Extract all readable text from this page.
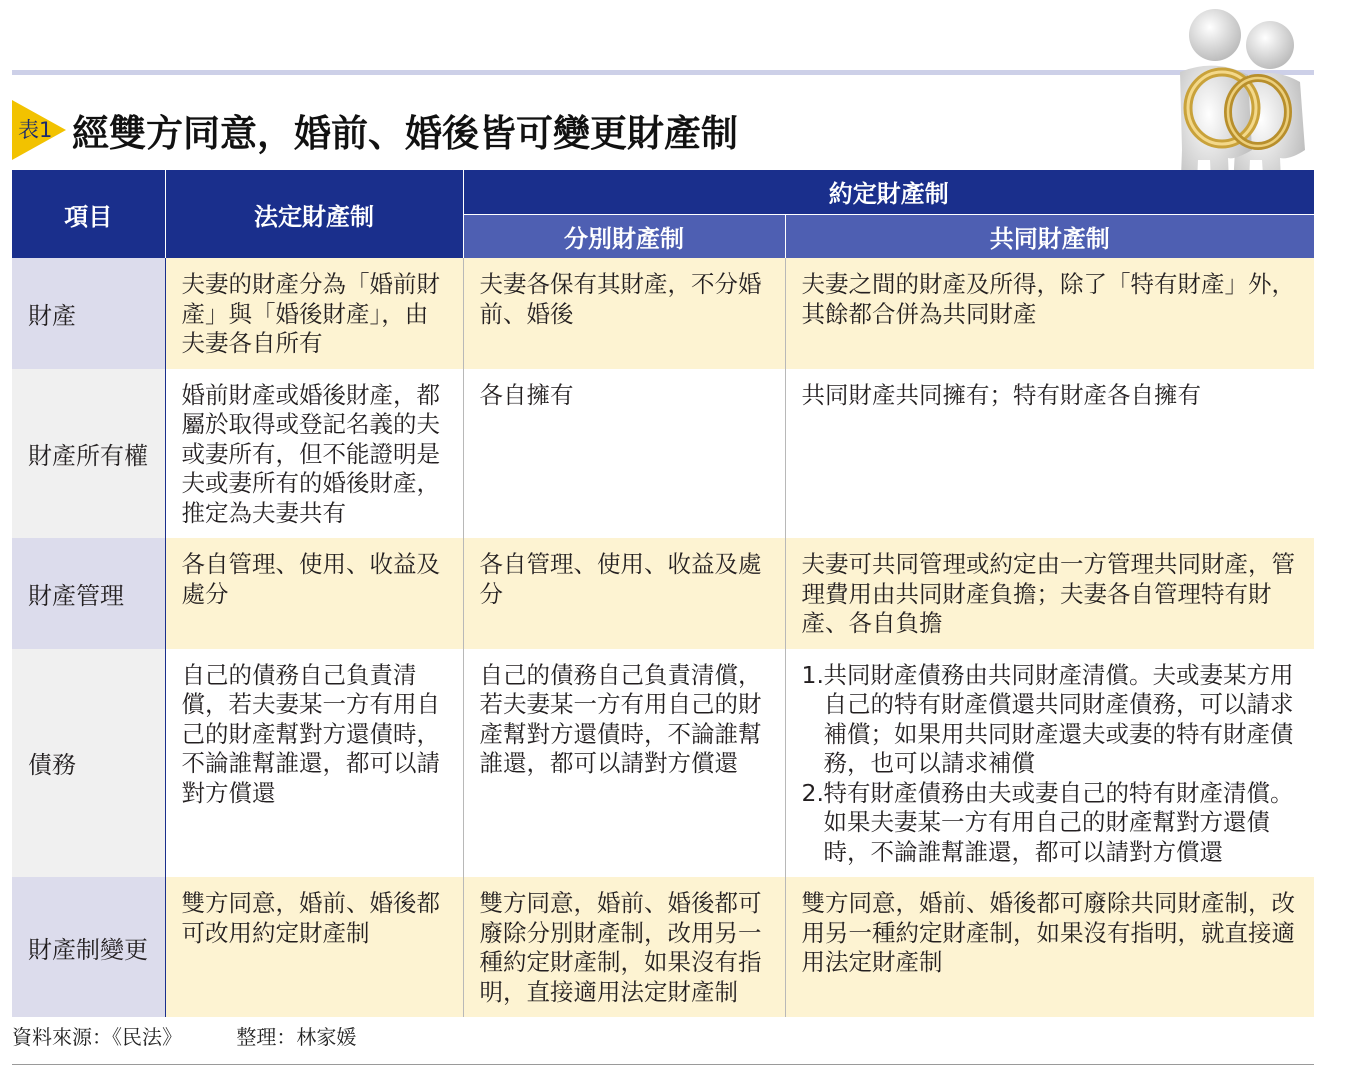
表1 經雙方同意，婚前、婚後皆可變更財產制
項目	法定財產制	約定財產制	
		分別財產制	共同財產制
財產	夫妻的財產分為「婚前財產」與「婚後財產」，由夫妻各自所有	夫妻各保有其財產，不分婚前、婚後	夫妻之間的財產及所得，除了「特有財產」外，其餘都合併為共同財產
財產所有權	婚前財產或婚後財產，都屬於取得或登記名義的夫或妻所有，但不能證明是夫或妻所有的婚後財產，推定為夫妻共有	各自擁有	共同財產共同擁有；特有財產各自擁有
財產管理	各自管理、使用、收益及處分	各自管理、使用、收益及處分	夫妻可共同管理或約定由一方管理共同財產，管理費用由共同財產負擔；夫妻各自管理特有財產、各自負擔
債務	自己的債務自己負責清償，若夫妻某一方有用自己的財產幫對方還債時，不論誰幫誰還，都可以請對方償還	自己的債務自己負責清償，若夫妻某一方有用自己的財產幫對方還債時，不論誰幫誰還，都可以請對方償還	1. 共同財產債務由共同財產清償。夫或妻某方用自己的特有財產償還共同財產債務，可以請求補償；如果用共同財產還夫或妻的特有財產債務，也可以請求補償
2. 特有財產債務由夫或妻自己的特有財產清償。如果夫妻某一方有用自己的財產幫對方還債時，不論誰幫誰還，都可以請對方償還

財產制變更	雙方同意，婚前、婚後都可改用約定財產制	雙方同意，婚前、婚後都可廢除分別財產制，改用另一種約定財產制，如果沒有指明，直接適用法定財產制	雙方同意，婚前、婚後都可廢除共同財產制，改用另一種約定財產制，如果沒有指明，就直接適用法定財產制
資料來源：《民法》	整理：林家媛
